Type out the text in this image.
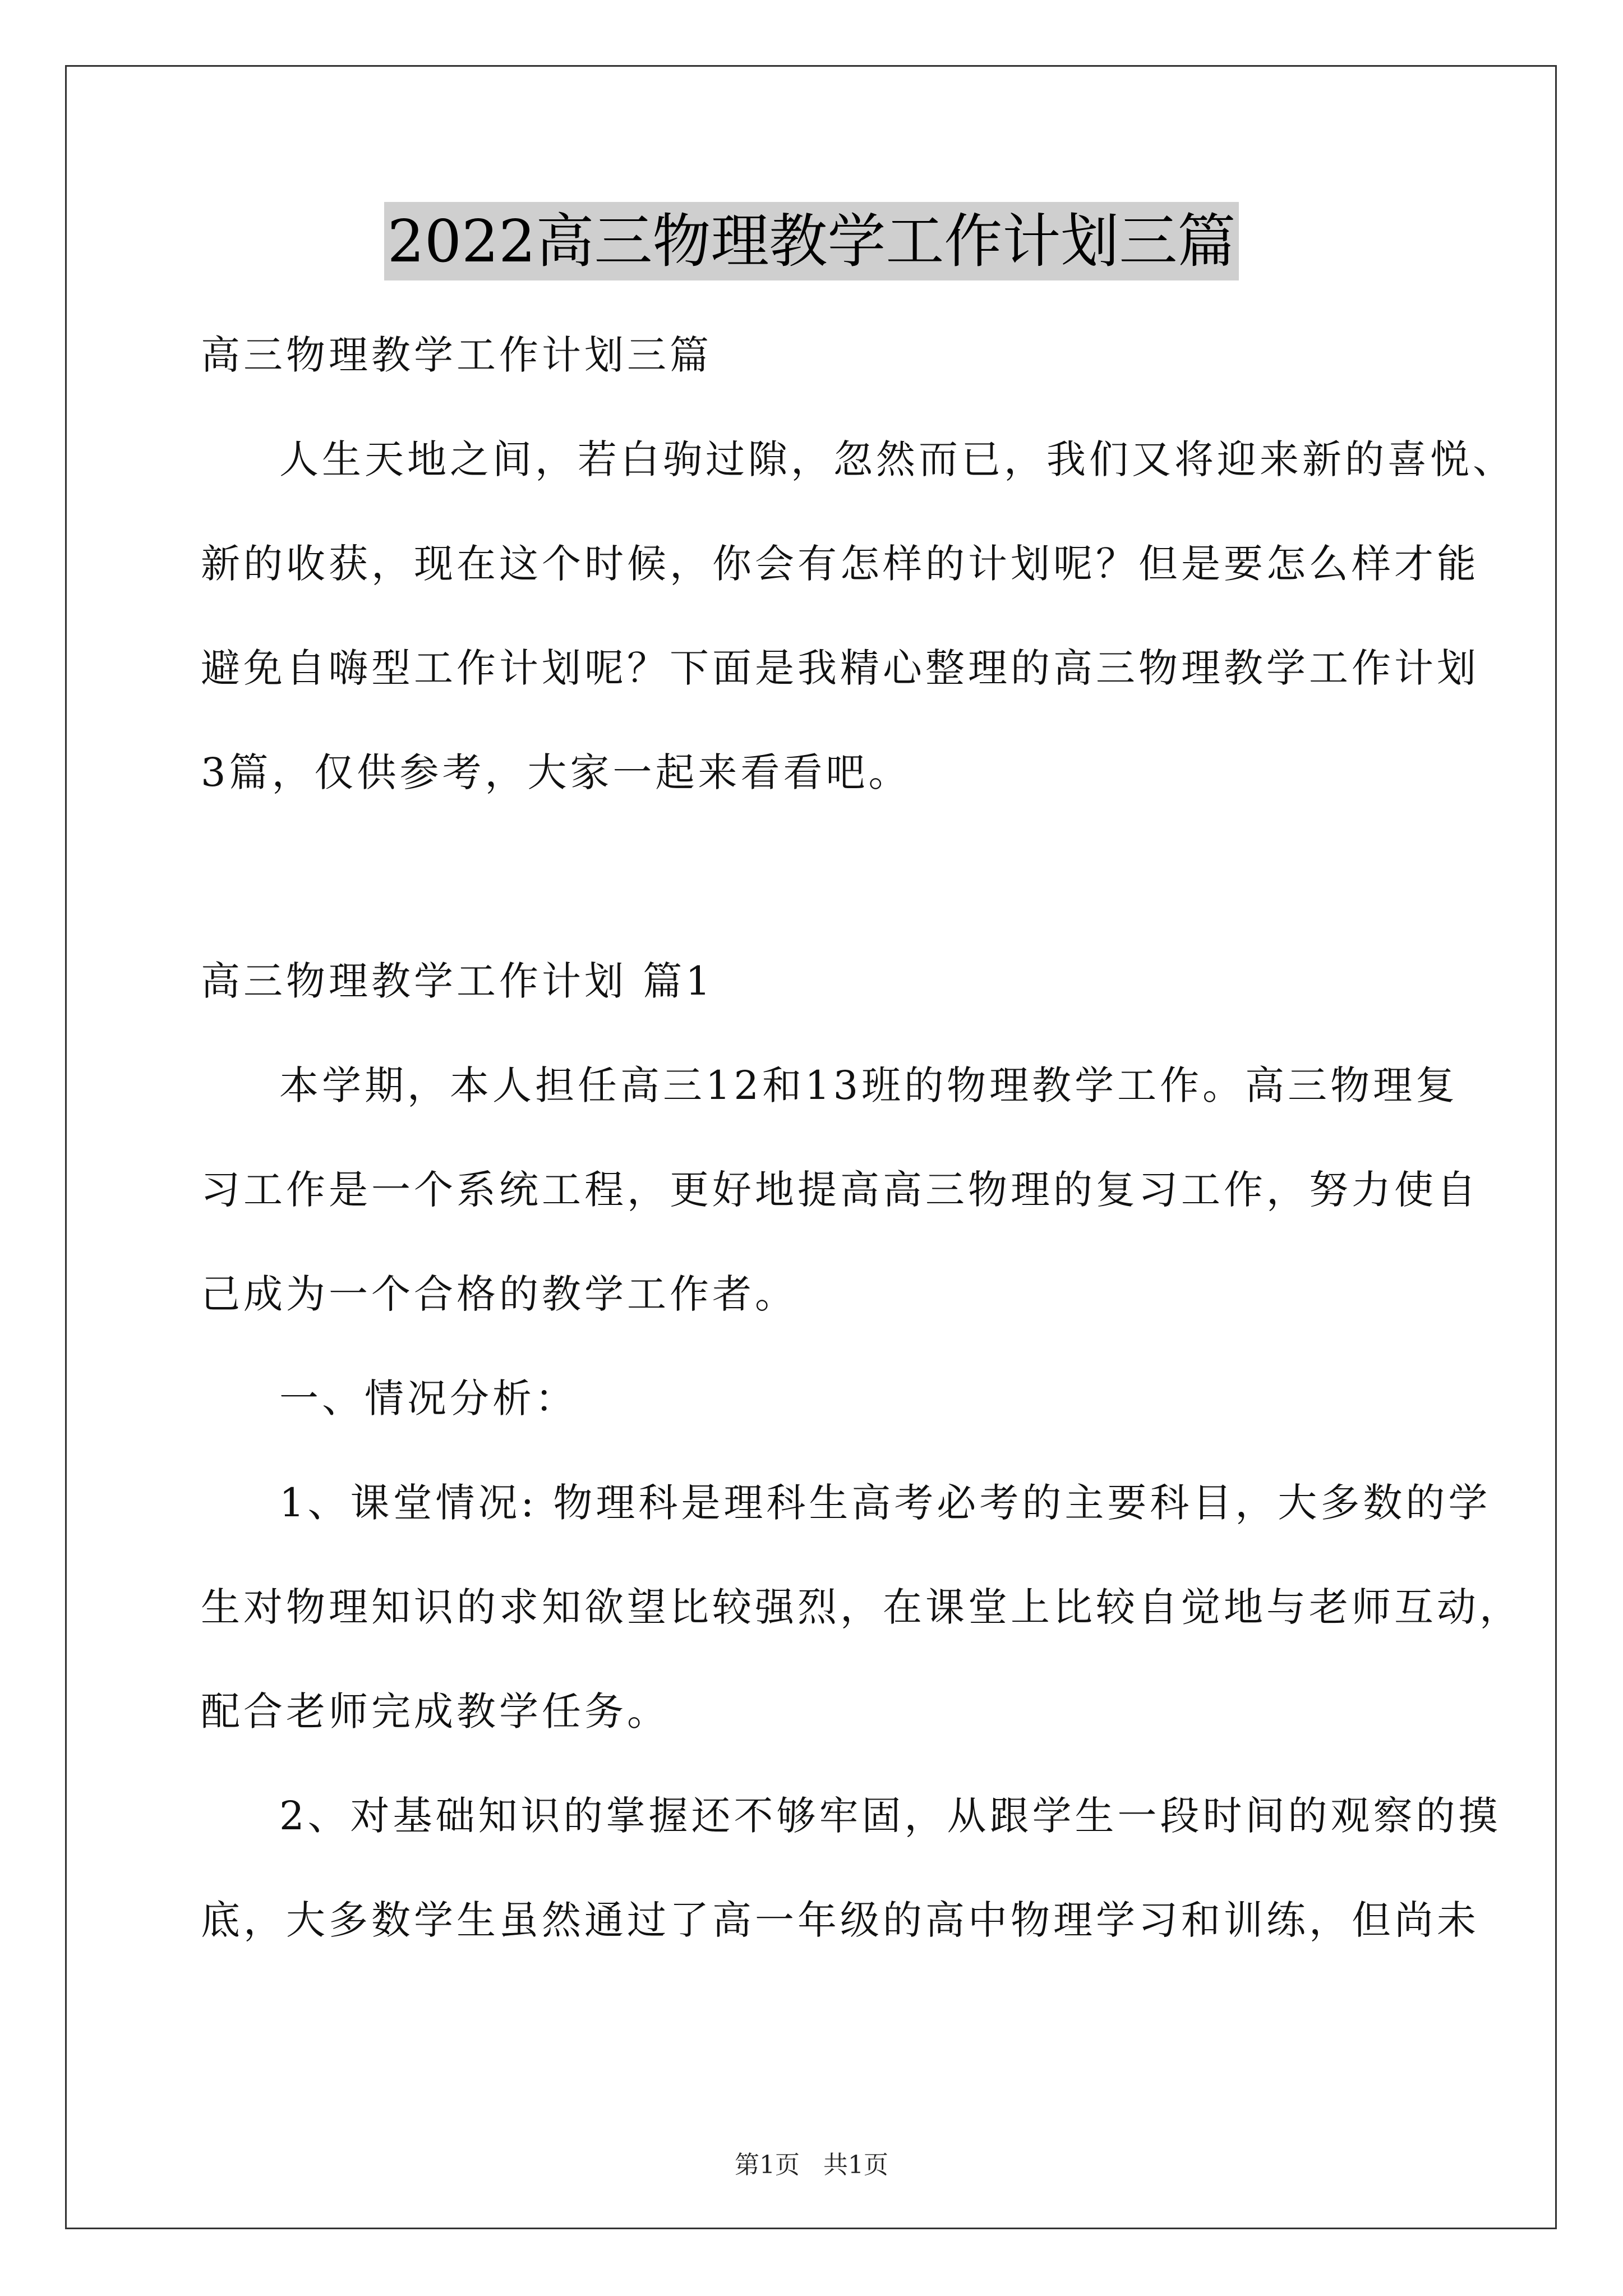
2022高三物理教学工作计划三篇
高三物理教学工作计划三篇
人生天地之间，若白驹过隙，忽然而已，我们又将迎来新的喜悦、
新的收获，现在这个时候，你会有怎样的计划呢？但是要怎么样才能
避免自嗨型工作计划呢？下面是我精心整理的高三物理教学工作计划
3篇，仅供参考，大家一起来看看吧。
高三物理教学工作计划 篇1
本学期，本人担任高三12和13班的物理教学工作。高三物理复
习工作是一个系统工程，更好地提高高三物理的复习工作，努力使自
己成为一个合格的教学工作者。
一、情况分析：
1、课堂情况: 物理科是理科生高考必考的主要科目，大多数的学
生对物理知识的求知欲望比较强烈，在课堂上比较自觉地与老师互动，
配合老师完成教学任务。
2、对基础知识的掌握还不够牢固，从跟学生一段时间的观察的摸
底，大多数学生虽然通过了高一年级的高中物理学习和训练，但尚未
第1页 共1页
